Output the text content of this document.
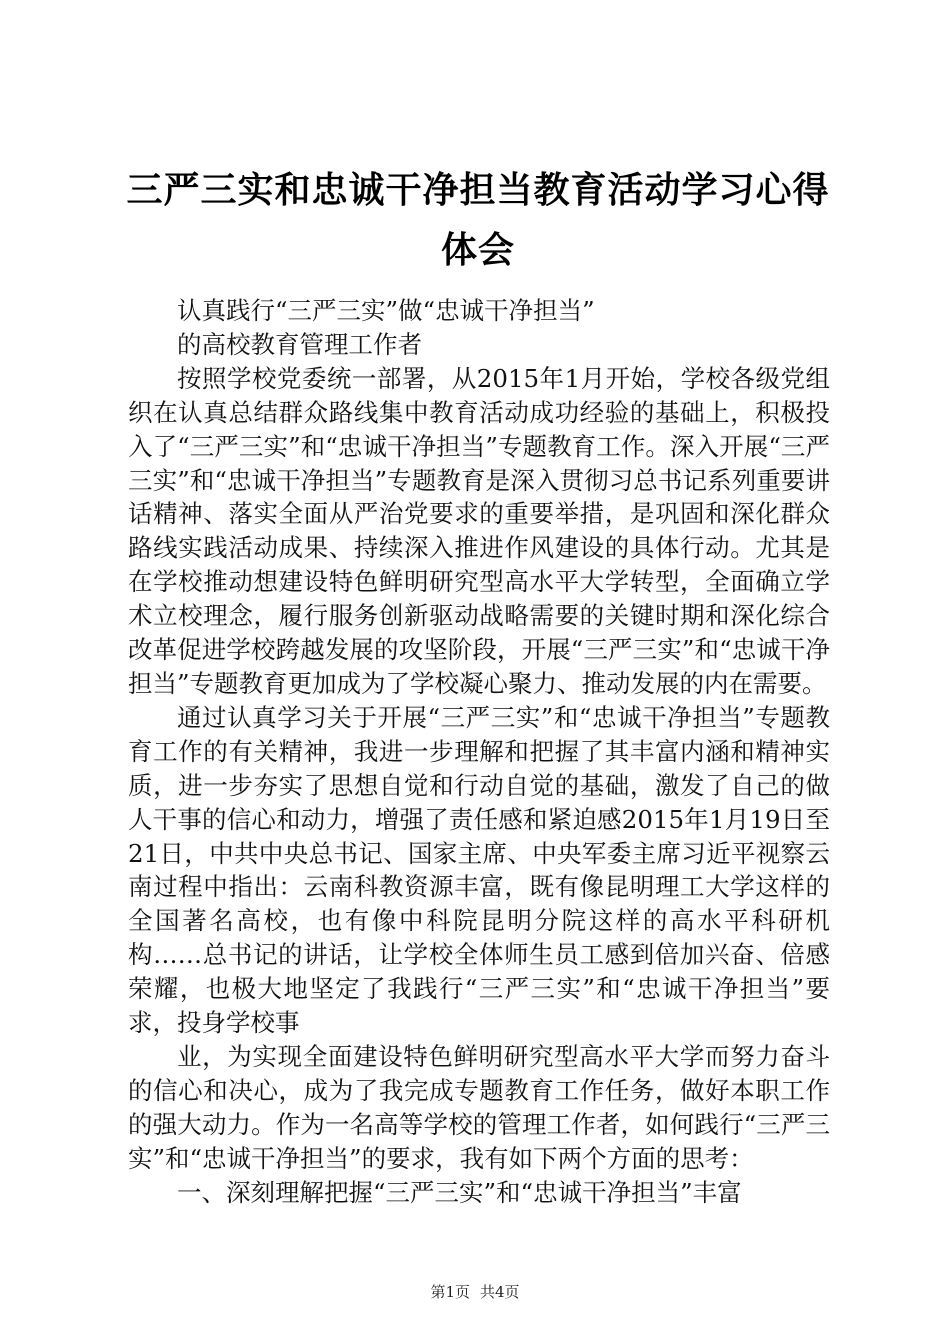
三严三实和忠诚干净担当教育活动学习心得体会

认真践行“三严三实”做“忠诚干净担当”

的高校教育管理工作者

按照学校党委统一部署，从2015年1月开始，学校各级党组织在认真总结群众路线集中教育活动成功经验的基础上，积极投入了“三严三实”和“忠诚干净担当”专题教育工作。深入开展“三严三实”和“忠诚干净担当”专题教育是深入贯彻习总书记系列重要讲话精神、落实全面从严治党要求的重要举措，是巩固和深化群众路线实践活动成果、持续深入推进作风建设的具体行动。尤其是在学校推动想建设特色鲜明研究型高水平大学转型，全面确立学术立校理念，履行服务创新驱动战略需要的关键时期和深化综合改革促进学校跨越发展的攻坚阶段，开展“三严三实”和“忠诚干净担当”专题教育更加成为了学校凝心聚力、推动发展的内在需要。

通过认真学习关于开展“三严三实”和“忠诚干净担当”专题教育工作的有关精神，我进一步理解和把握了其丰富内涵和精神实质，进一步夯实了思想自觉和行动自觉的基础，激发了自己的做人干事的信心和动力，增强了责任感和紧迫感2015年1月19日至21日，中共中央总书记、国家主席、中央军委主席习近平视察云南过程中指出：云南科教资源丰富，既有像昆明理工大学这样的全国著名高校，也有像中科院昆明分院这样的高水平科研机构……总书记的讲话，让学校全体师生员工感到倍加兴奋、倍感荣耀，也极大地坚定了我践行“三严三实”和“忠诚干净担当”要求，投身学校事

业，为实现全面建设特色鲜明研究型高水平大学而努力奋斗的信心和决心，成为了我完成专题教育工作任务，做好本职工作的强大动力。作为一名高等学校的管理工作者，如何践行“三严三实”和“忠诚干净担当”的要求，我有如下两个方面的思考：

一、深刻理解把握“三严三实”和“忠诚干净担当”丰富

第1页 共4页
